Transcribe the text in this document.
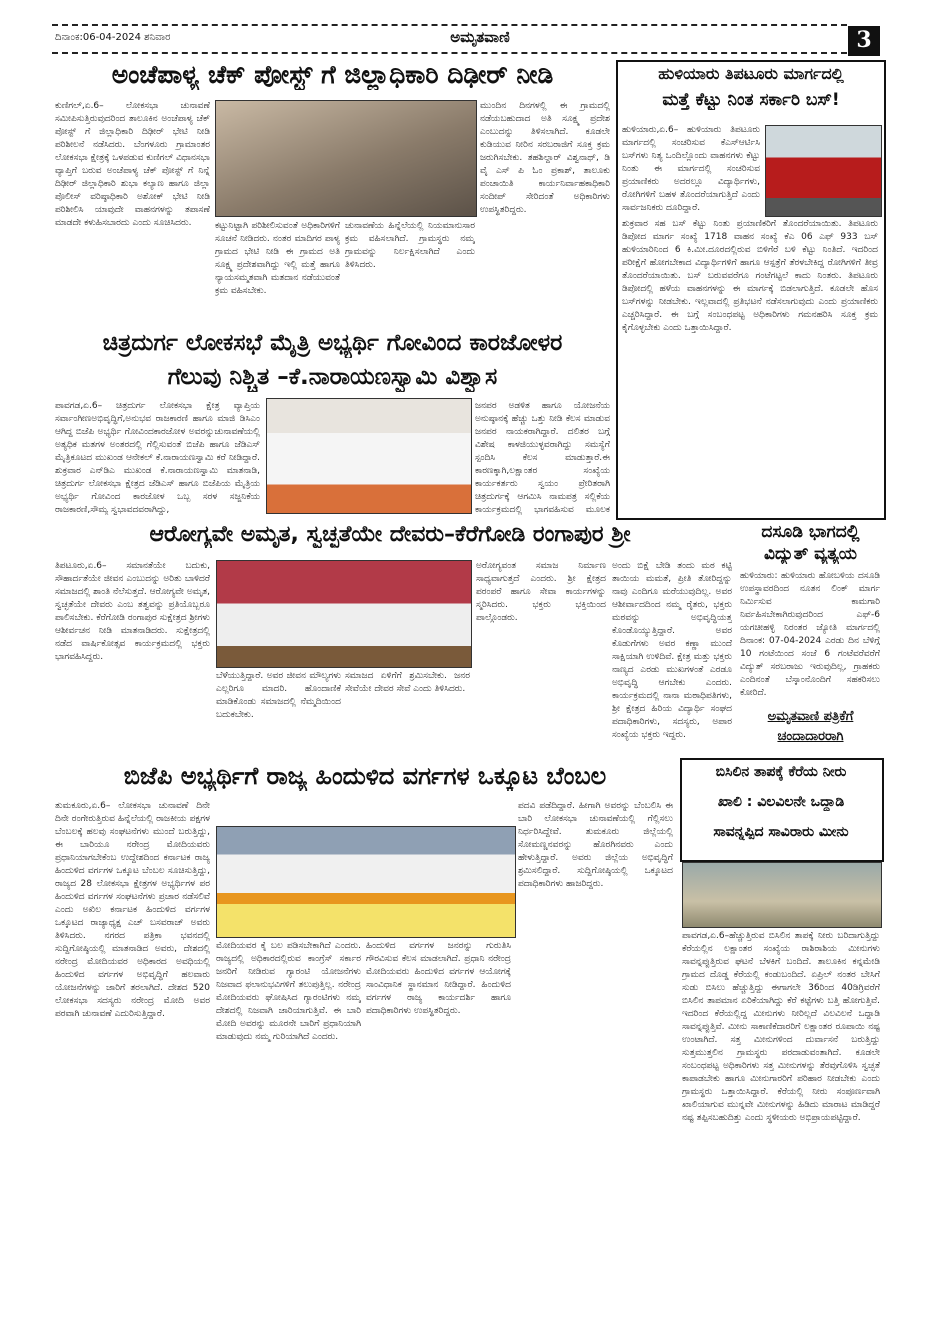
ದಿನಾಂಕ:06-04-2024 ಶನಿವಾರ	ಅಮೃತವಾಣಿ	3
ಅಂಚೆಪಾಳ್ಯ ಚೆಕ್ ಪೋಸ್ಟ್ ಗೆ ಜಿಲ್ಲಾಧಿಕಾರಿ ದಿಢೀರ್ ನೀಡಿ
ಕುಣಿಗಲ್,ಏ.6– ಲೋಕಸಭಾ ಚುನಾವಣೆ ಸಮೀಪಿಸುತ್ತಿರುವುದರಿಂದ ತಾಲೂಕಿನ ಅಂಚೆಪಾಳ್ಯ ಚೆಕ್ ಪೋಸ್ಟ್ ಗೆ ಜಿಲ್ಲಾಧಿಕಾರಿ ದಿಢೀರ್ ಭೇಟಿ ನೀಡಿ ಪರಿಶೀಲನೆ ನಡೆಸಿದರು. ಬೆಂಗಳೂರು ಗ್ರಾಮಾಂತರ ಲೋಕಸಭಾ ಕ್ಷೇತ್ರಕ್ಕೆ ಒಳಪಡುವ ಕುಣಿಗಲ್ ವಿಧಾನಸಭಾ ವ್ಯಾಪ್ತಿಗೆ ಬರುವ ಅಂಚೆಪಾಳ್ಯ ಚೆಕ್ ಪೋಸ್ಟ್ ಗೆ ನಿನ್ನೆ ದಿಢೀರ್ ಜಿಲ್ಲಾಧಿಕಾರಿ ಶುಭಾ ಕಲ್ಯಾಣ ಹಾಗೂ ಜಿಲ್ಲಾ ಪೊಲೀಸ್ ವರಿಷ್ಠಾಧಿಕಾರಿ ಅಶೋಕ್ ಭೇಟಿ ನೀಡಿ ಪರಿಶೀಲಿಸಿ ಯಾವುದೇ ವಾಹನಗಳನ್ನು ತಪಾಸಣೆ ಮಾಡದೇ ಕಳುಹಿಸಬಾರದು ಎಂದು ಸೂಚಿಸಿದರು.	ಕಟ್ಟುನಿಟ್ಟಾಗಿ ಪರಿಶೀಲಿಸುವಂತೆ ಅಧಿಕಾರಿಗಳಿಗೆ ಸೂಚನೆ ನೀಡಿದರು. ನಂತರ ಮಾದಿಗರ ಪಾಳ್ಯ ಗ್ರಾಮದ ಭೇಟಿ ನೀಡಿ ಈ ಗ್ರಾಮದ ಅತಿ ಸೂಕ್ಷ್ಮ ಪ್ರದೇಶವಾಗಿದ್ದು ಇಲ್ಲಿ ಮತ್ತೆ ಹಾಗೂ ನ್ಯಾಯಸಮ್ಮತವಾಗಿ ಮತದಾನ ನಡೆಯುವಂತೆ ಕ್ರಮ ವಹಿಸಬೇಕು.
ಚುನಾವಣೆಯ ಹಿನ್ನೆಲೆಯಲ್ಲಿ ನಿಯಮಾನುಸಾರ ಕ್ರಮ ವಹಿಸಲಾಗಿದೆ. ಗ್ರಾಮಸ್ಥರು ನಮ್ಮ ಗ್ರಾಮವನ್ನು ನಿರ್ಲಕ್ಷಿಸಲಾಗಿದೆ ಎಂದು ತಿಳಿಸಿದರು.
ಮುಂದಿನ ದಿನಗಳಲ್ಲಿ ಈ ಗ್ರಾಮದಲ್ಲಿ ನಡೆಯಬಹುದಾದ ಅತಿ ಸೂಕ್ಷ್ಮ ಪ್ರದೇಶ ಎಂಬುದನ್ನು ತಿಳಿಸಲಾಗಿದೆ. ಕೂಡಲೇ ಕುಡಿಯುವ ನೀರಿನ ಸರಬರಾಜಿಗೆ ಸೂಕ್ತ ಕ್ರಮ ಜರುಗಿಸಬೇಕು. ತಹಶಿಲ್ದಾರ್ ವಿಶ್ವನಾಥ್, ಡಿ ವೈ ಎಸ್ ಪಿ ಓಂ ಪ್ರಕಾಶ್, ತಾಲೂಕು ಪಂಚಾಯಿತಿ ಕಾರ್ಯನಿರ್ವಾಹಕಾಧಿಕಾರಿ ಸಂದೀಪ್ ಸೇರಿದಂತೆ ಅಧಿಕಾರಿಗಳು ಉಪಸ್ಥಿತರಿದ್ದರು.
ಹುಳಿಯಾರು ತಿಪಟೂರು ಮಾರ್ಗದಲ್ಲಿ
ಮತ್ತೆ ಕೆಟ್ಟು ನಿಂತ ಸರ್ಕಾರಿ ಬಸ್!
ಹುಳಿಯಾರು,ಏ.6– ಹುಳಿಯಾರು ತಿಪಟೂರು ಮಾರ್ಗದಲ್ಲಿ ಸಂಚರಿಸುವ ಕೆಎಸ್ಆರ್ಟಿಸಿ ಬಸ್‌ಗಳು ನಿತ್ಯ ಒಂದಿಲ್ಲೊಂದು ವಾಹನಗಳು ಕೆಟ್ಟು ನಿಂತು ಈ ಮಾರ್ಗದಲ್ಲಿ ಸಂಚರಿಸುವ ಪ್ರಯಾಣಿಕರು ಅದರಲ್ಲೂ ವಿದ್ಯಾರ್ಥಿಗಳು, ರೋಗಿಗಳಿಗೆ ಬಹಳ ತೊಂದರೆಯಾಗುತ್ತಿದೆ ಎಂದು ಸಾರ್ವಜನಿಕರು ದೂರಿದ್ದಾರೆ.
ಶುಕ್ರವಾರ ಸಹ ಬಸ್ ಕೆಟ್ಟು ನಿಂತು ಪ್ರಯಾಣಿಕರಿಗೆ ತೊಂದರೆಯಾಯಿತು. ತಿಪಟೂರು ಡಿಪೋದ ಮಾರ್ಗ ಸಂಖ್ಯೆ 1718 ವಾಹನ ಸಂಖ್ಯೆ ಕೆಎ 06 ಎಫ್ 933 ಬಸ್ ಹುಳಿಯಾರಿನಿಂದ 6 ಕಿ.ಮೀ.ದೂರದಲ್ಲಿರುವ ಬಿಳಿಗೆರೆ ಬಳಿ ಕೆಟ್ಟು ನಿಂತಿದೆ. ಇದರಿಂದ ಪರೀಕ್ಷೆಗೆ ಹೋಗಬೇಕಾದ ವಿದ್ಯಾರ್ಥಿಗಳಿಗೆ ಹಾಗೂ ಆಸ್ಪತ್ರೆಗೆ ತೆರಳಬೇಕಿದ್ದ ರೋಗಿಗಳಿಗೆ ತೀವ್ರ ತೊಂದರೆಯಾಯಿತು. ಬಸ್ ಬರುವವರೆಗೂ ಗಂಟೆಗಟ್ಟಲೆ ಕಾದು ನಿಂತರು. ತಿಪಟೂರು ಡಿಪೋದಲ್ಲಿ ಹಳೆಯ ವಾಹನಗಳನ್ನು ಈ ಮಾರ್ಗಕ್ಕೆ ಬಿಡಲಾಗುತ್ತಿದೆ. ಕೂಡಲೇ ಹೊಸ ಬಸ್‌ಗಳನ್ನು ನೀಡಬೇಕು. ಇಲ್ಲವಾದಲ್ಲಿ ಪ್ರತಿಭಟನೆ ನಡೆಸಲಾಗುವುದು ಎಂದು ಪ್ರಯಾಣಿಕರು ಎಚ್ಚರಿಸಿದ್ದಾರೆ. ಈ ಬಗ್ಗೆ ಸಂಬಂಧಪಟ್ಟ ಅಧಿಕಾರಿಗಳು ಗಮನಹರಿಸಿ ಸೂಕ್ತ ಕ್ರಮ ಕೈಗೊಳ್ಳಬೇಕು ಎಂದು ಒತ್ತಾಯಿಸಿದ್ದಾರೆ.
ಚಿತ್ರದುರ್ಗ ಲೋಕಸಭೆ ಮೈತ್ರಿ ಅಭ್ಯರ್ಥಿ ಗೋವಿಂದ ಕಾರಜೋಳರ
ಗೆಲುವು ನಿಶ್ಚಿತ –ಕೆ.ನಾರಾಯಣಸ್ವಾಮಿ ವಿಶ್ವಾಸ
ಪಾವಗಡ,ಏ.6– ಚಿತ್ರದುರ್ಗ ಲೋಕಸಭಾ ಕ್ಷೇತ್ರ ವ್ಯಾಪ್ತಿಯ ಸರ್ವಾಂಗೀಣಅಭಿವೃದ್ಧಿಗೆ,ಅನುಭವ ರಾಜಕಾರಣಿ ಹಾಗೂ ಮಾಜಿ ಡಿಸಿಎಂ ಆಗಿದ್ದ ಬಿಜೆಪಿ ಅಭ್ಯರ್ಥಿ ಗೋವಿಂದಕಾರಜೋಳ ಅವರನ್ನುಚುನಾವಣೆಯಲ್ಲಿ ಅತ್ಯಧಿಕ ಮತಗಳ ಅಂತರದಲ್ಲಿ ಗೆಲ್ಲಿಸುವಂತೆ ಬಿಜೆಪಿ ಹಾಗೂ ಜೆಡಿಎಸ್ ಮೈತ್ರಿಕೂಟದ ಮುಖಂಡ ಆನೇಕಲ್ ಕೆ.ನಾರಾಯಣಸ್ವಾಮಿ ಕರೆ ನೀಡಿದ್ದಾರೆ. ಶುಕ್ರವಾರ ಎನ್‌ಡಿಎ ಮುಖಂಡ ಕೆ.ನಾರಾಯಣಸ್ವಾಮಿ ಮಾತನಾಡಿ, ಚಿತ್ರದುರ್ಗ ಲೋಕಸಭಾ ಕ್ಷೇತ್ರದ ಜೆಡಿಎಸ್ ಹಾಗೂ ಬಿಜೆಪಿಯ ಮೈತ್ರಿಯ ಅಭ್ಯರ್ಥಿ ಗೋವಿಂದ ಕಾರಜೋಳ ಒಬ್ಬ ಸರಳ ಸಜ್ಜನಿಕೆಯ ರಾಜಕಾರಣಿ,ಸೌಮ್ಯ ಸ್ವಭಾವದವರಾಗಿದ್ದು,
ಜನಪರ ಅಡಳಿತ ಹಾಗೂ ಯೋಜನೆಯ ಅನುಷ್ಠಾನಕ್ಕೆ ಹೆಚ್ಚು ಒತ್ತು ನೀಡಿ ಕೆಲಸ ಮಾಡುವ ಜನಪರ ನಾಯಕರಾಗಿದ್ದಾರೆ. ದಲಿತರ ಬಗ್ಗೆ ವಿಶೇಷ ಕಾಳಜಿಯುಳ್ಳವರಾಗಿದ್ದು ಸಮಸ್ಯೆಗೆ ಸ್ಪಂದಿಸಿ ಕೆಲಸ ಮಾಡುತ್ತಾರೆ.ಈ ಕಾರಣಕ್ಕಾಗಿ,ಲಕ್ಷಾಂತರ ಸಂಖ್ಯೆಯ ಕಾರ್ಯಕರ್ತರು ಸ್ವಯಂ ಪ್ರೇರಿತರಾಗಿ ಚಿತ್ರದುರ್ಗಕ್ಕೆ ಆಗಮಿಸಿ ನಾಮಪತ್ರ ಸಲ್ಲಿಕೆಯ ಕಾರ್ಯಕ್ರಮದಲ್ಲಿ ಭಾಗವಹಿಸುವ ಮೂಲಕ
ಆರೋಗ್ಯವೇ ಅಮೃತ, ಸ್ವಚ್ಛತೆಯೇ ದೇವರು–ಕೆರೆಗೋಡಿ ರಂಗಾಪುರ ಶ್ರೀ
ತಿಪಟೂರು,ಏ.6– ಸಮಾನತೆಯೇ ಬದುಕು, ಸೌಹಾರ್ದತೆಯೇ ಜೀವನ ಎಂಬುದನ್ನು ಅರಿತು ಬಾಳಿದರೆ ಸಮಾಜದಲ್ಲಿ ಶಾಂತಿ ನೆಲೆಸುತ್ತದೆ. ಆರೋಗ್ಯವೇ ಅಮೃತ, ಸ್ವಚ್ಛತೆಯೇ ದೇವರು ಎಂಬ ತತ್ವವನ್ನು ಪ್ರತಿಯೊಬ್ಬರೂ ಪಾಲಿಸಬೇಕು. ಕೆರೆಗೋಡಿ ರಂಗಾಪುರ ಸುಕ್ಷೇತ್ರದ ಶ್ರೀಗಳು ಆಶೀರ್ವಚನ ನೀಡಿ ಮಾತನಾಡಿದರು. ಸುಕ್ಷೇತ್ರದಲ್ಲಿ ನಡೆದ ವಾರ್ಷಿಕೋತ್ಸವ ಕಾರ್ಯಕ್ರಮದಲ್ಲಿ ಭಕ್ತರು ಭಾಗವಹಿಸಿದ್ದರು.
ಬೆಳೆಯುತ್ತಿದ್ದಾರೆ. ಅವರ ಜೀವನ ಮೌಲ್ಯಗಳು ಎಲ್ಲರಿಗೂ ಮಾದರಿ. ಹೊಂದಾಣಿಕೆ ಮಾಡಿಕೊಂಡು ಸಮಾಜದಲ್ಲಿ ನೆಮ್ಮದಿಯಿಂದ ಬದುಕಬೇಕು.
ಸಮಾಜದ ಏಳಿಗೆಗೆ ಶ್ರಮಿಸಬೇಕು. ಜನರ ಸೇವೆಯೇ ದೇವರ ಸೇವೆ ಎಂದು ತಿಳಿಸಿದರು.
ಅರೋಗ್ಯವಂತ ಸಮಾಜ ನಿರ್ಮಾಣ ಸಾಧ್ಯವಾಗುತ್ತದೆ ಎಂದರು. ಶ್ರೀ ಕ್ಷೇತ್ರದ ಪರಂಪರೆ ಹಾಗೂ ಸೇವಾ ಕಾರ್ಯಗಳನ್ನು ಸ್ಮರಿಸಿದರು. ಭಕ್ತರು ಭಕ್ತಿಯಿಂದ ಪಾಲ್ಗೊಂಡರು.
ಅಂದು ಬಿಕ್ಷೆ ಬೇಡಿ ತಂದು ಮಠ ಕಟ್ಟಿ ತಾಯಿಯ ಮಮತೆ, ಪ್ರೀತಿ ತೋರಿದ್ದನ್ನು ನಾವು ಎಂದಿಗೂ ಮರೆಯುವುದಿಲ್ಲ. ಅವರ ಆಶೀರ್ವಾದದಿಂದ ನಮ್ಮ ರೈತರು, ಭಕ್ತರು ಮಠವನ್ನು ಅಭಿವೃದ್ಧಿಯತ್ತ ಕೊಂಡೊಯ್ಯುತ್ತಿದ್ದಾರೆ. ಅವರ ಕೊಡುಗೆಗಳು ಅವರ ಕಣ್ಣಾ ಮುಂದೆ ಸಾಕ್ಷಿಯಾಗಿ ಉಳಿದಿವೆ. ಕ್ಷೇತ್ರ ಮತ್ತು ಭಕ್ತರು ನಾಣ್ಯದ ಎರಡು ಮುಖಗಳಂತೆ ಎರಡೂ ಅಭಿವೃದ್ಧಿ ಆಗಬೇಕು ಎಂದರು. ಕಾರ್ಯಕ್ರಮದಲ್ಲಿ ನಾನಾ ಮಠಾಧಿಪತಿಗಳು, ಶ್ರೀ ಕ್ಷೇತ್ರದ ಹಿರಿಯ ವಿದ್ಯಾರ್ಥಿ ಸಂಘದ ಪದಾಧಿಕಾರಿಗಳು, ಸದಸ್ಯರು, ಅಪಾರ ಸಂಖ್ಯೆಯ ಭಕ್ತರು ಇದ್ದರು.
ದಸೂಡಿ ಭಾಗದಲ್ಲಿ
ವಿದ್ಯುತ್ ವ್ಯತ್ಯಯ
ಹುಳಿಯಾರು: ಹುಳಿಯಾರು ಹೋಬಳಿಯ ದಸೂಡಿ ಉಪಸ್ಥಾವರದಿಂದ ನೂತನ ಲಿಂಕ್ ಮಾರ್ಗ ನಿರ್ಮಿಸುವ ಕಾಮಗಾರಿ ನಿರ್ವಹಿಸಬೇಕಾಗಿರುವುದರಿಂದ ಎಫ್-6 ಯಗಚೀಹಳ್ಳಿ ನಿರಂತರ ಜ್ಯೋತಿ ಮಾರ್ಗದಲ್ಲಿ ದಿನಾಂಕ: 07-04-2024 ಎರಡು ದಿನ ಬೆಳಿಗ್ಗೆ 10 ಗಂಟೆಯಿಂದ ಸಂಜೆ 6 ಗಂಟೆವರೆವರೆಗೆ ವಿದ್ಯುತ್ ಸರಬರಾಜು ಇರುವುದಿಲ್ಲ, ಗ್ರಾಹಕರು ಎಂದಿನಂತೆ ಬೆಸ್ಕಾಂನೊಂದಿಗೆ ಸಹಕರಿಸಲು ಕೋರಿದೆ.
ಅಮೃತವಾಣಿ ಪತ್ರಿಕೆಗೆ
ಚಂದಾದಾರರಾಗಿ
ಬಿಜೆಪಿ ಅಭ್ಯರ್ಥಿಗೆ ರಾಜ್ಯ ಹಿಂದುಳಿದ ವರ್ಗಗಳ ಒಕ್ಕೂಟ ಬೆಂಬಲ
ತುಮಕೂರು,ಏ.6– ಲೋಕಸಭಾ ಚುನಾವಣೆ ದಿನೇ ದಿನೇ ರಂಗೇರುತ್ತಿರುವ ಹಿನ್ನೆಲೆಯಲ್ಲಿ ರಾಜಕೀಯ ಪಕ್ಷಗಳ ಬೆಂಬಲಕ್ಕೆ ಹಲವು ಸಂಘಟನೆಗಳು ಮುಂದೆ ಬರುತ್ತಿದ್ದು, ಈ ಬಾರಿಯೂ ನರೇಂದ್ರ ಮೋದಿಯವರು ಪ್ರಧಾನಿಯಾಗಬೇಕೆಂಬ ಉದ್ದೇಶದಿಂದ ಕರ್ನಾಟಕ ರಾಜ್ಯ ಹಿಂದುಳಿದ ವರ್ಗಗಳ ಒಕ್ಕೂಟ ಬೆಂಬಲ ಸೂಚಿಸುತ್ತಿದ್ದು, ರಾಜ್ಯದ 28 ಲೋಕಸಭಾ ಕ್ಷೇತ್ರಗಳ ಅಭ್ಯರ್ಥಿಗಳ ಪರ ಹಿಂದುಳಿದ ವರ್ಗಗಳ ಸಂಘಟನೆಗಳು ಪ್ರಚಾರ ನಡೆಸಲಿವೆ ಎಂದು ಅಖಿಲ ಕರ್ನಾಟಕ ಹಿಂದುಳಿದ ವರ್ಗಗಳ ಒಕ್ಕೂಟದ ರಾಜ್ಯಾಧ್ಯಕ್ಷ ಎಚ್ ಬಸವರಾಜ್ ಅವರು ತಿಳಿಸಿದರು. ನಗರದ ಪತ್ರಿಕಾ ಭವನದಲ್ಲಿ ಸುದ್ದಿಗೋಷ್ಠಿಯಲ್ಲಿ ಮಾತನಾಡಿದ ಅವರು, ದೇಶದಲ್ಲಿ ನರೇಂದ್ರ ಮೋದಿಯವರ ಅಧಿಕಾರದ ಅವಧಿಯಲ್ಲಿ ಹಿಂದುಳಿದ ವರ್ಗಗಳ ಅಭಿವೃದ್ಧಿಗೆ ಹಲವಾರು ಯೋಜನೆಗಳನ್ನು ಜಾರಿಗೆ ತರಲಾಗಿದೆ. ದೇಶದ 520 ಲೋಕಸಭಾ ಸದಸ್ಯರು ನರೇಂದ್ರ ಮೋದಿ ಅವರ ಪರವಾಗಿ ಚುನಾವಣೆ ಎದುರಿಸುತ್ತಿದ್ದಾರೆ.
ಮೋದಿಯವರ ಕೈ ಬಲ ಪಡಿಸಬೇಕಾಗಿದೆ ಎಂದರು. ರಾಜ್ಯದಲ್ಲಿ ಅಧಿಕಾರದಲ್ಲಿರುವ ಕಾಂಗ್ರೆಸ್ ಸರ್ಕಾರ ಜನರಿಗೆ ನೀಡಿರುವ ಗ್ಯಾರಂಟಿ ಯೋಜನೆಗಳು ನಿಜವಾದ ಫಲಾನುಭವಿಗಳಿಗೆ ತಲುಪುತ್ತಿಲ್ಲ. ನರೇಂದ್ರ ಮೋದಿಯವರು ಘೋಷಿಸಿದ ಗ್ಯಾರಂಟಿಗಳು ನಮ್ಮ ದೇಶದಲ್ಲಿ ನಿಜವಾಗಿ ಜಾರಿಯಾಗುತ್ತಿವೆ. ಈ ಬಾರಿ ಮೋದಿ ಅವರನ್ನು ಮೂರನೇ ಬಾರಿಗೆ ಪ್ರಧಾನಿಯಾಗಿ ಮಾಡುವುದು ನಮ್ಮ ಗುರಿಯಾಗಿದೆ ಎಂದರು.
ಹಿಂದುಳಿದ ವರ್ಗಗಳ ಜನರನ್ನು ಗುರುತಿಸಿ ಗೌರವಿಸುವ ಕೆಲಸ ಮಾಡಲಾಗಿದೆ. ಪ್ರಧಾನಿ ನರೇಂದ್ರ ಮೋದಿಯವರು ಹಿಂದುಳಿದ ವರ್ಗಗಳ ಆಯೋಗಕ್ಕೆ ಸಾಂವಿಧಾನಿಕ ಸ್ಥಾನಮಾನ ನೀಡಿದ್ದಾರೆ. ಹಿಂದುಳಿದ ವರ್ಗಗಳ ರಾಜ್ಯ ಕಾರ್ಯದರ್ಶಿ ಹಾಗೂ ಪದಾಧಿಕಾರಿಗಳು ಉಪಸ್ಥಿತರಿದ್ದರು.
ಪದವಿ ಪಡೆದಿದ್ದಾರೆ. ಹೀಗಾಗಿ ಅವರನ್ನು ಬೆಂಬಲಿಸಿ ಈ ಬಾರಿ ಲೋಕಸಭಾ ಚುನಾವಣೆಯಲ್ಲಿ ಗೆಲ್ಲಿಸಲು ನಿರ್ಧರಿಸಿದ್ದೇವೆ. ತುಮಕೂರು ಜಿಲ್ಲೆಯಲ್ಲಿ ಸೋಮಣ್ಣನವರನ್ನು ಹೊರಗಿನವರು ಎಂದು ಹೇಳುತ್ತಿದ್ದಾರೆ. ಅವರು ಜಿಲ್ಲೆಯ ಅಭಿವೃದ್ಧಿಗೆ ಶ್ರಮಿಸಲಿದ್ದಾರೆ. ಸುದ್ದಿಗೋಷ್ಠಿಯಲ್ಲಿ ಒಕ್ಕೂಟದ ಪದಾಧಿಕಾರಿಗಳು ಹಾಜರಿದ್ದರು.
ಬಿಸಿಲಿನ ತಾಪಕ್ಕೆ ಕೆರೆಯ ನೀರು
ಖಾಲಿ : ವಿಲವಿಲನೇ ಒದ್ದಾಡಿ
ಸಾವನ್ನಪ್ಪಿದ ಸಾವಿರಾರು ಮೀನು
ಪಾವಗಡ,ಏ.6–ಹೆಚ್ಚುತ್ತಿರುವ ಬಿಸಿಲಿನ ತಾಪಕ್ಕೆ ನೀರು ಬರಿದಾಗುತ್ತಿದ್ದು ಕೆರೆಯಲ್ಲಿನ ಲಕ್ಷಾಂತರ ಸಂಖ್ಯೆಯ ರಾಶಿರಾಶಿಯ ಮೀನುಗಳು ಸಾವನ್ನಪ್ಪುತ್ತಿರುವ ಘಟನೆ ಬೆಳಕಿಗೆ ಬಂದಿದೆ. ತಾಲೂಕಿನ ಕನ್ನಮೇಡಿ ಗ್ರಾಮದ ದೊಡ್ಡ ಕೆರೆಯಲ್ಲಿ ಕಂಡುಬಂದಿದೆ. ಏಪ್ರಿಲ್ ನಂತರ ಬೇಸಿಗೆ ಸುಡು ಬಿಸಿಲು ಹೆಚ್ಚುತ್ತಿದ್ದು ಈಗಾಗಲೇ 36ರಿಂದ 40ಡಿಗ್ರಿವರೆಗೆ ಬಿಸಿಲಿನ ತಾಪಮಾನ ಏರಿಕೆಯಾಗಿದ್ದು ಕೆರೆ ಕಟ್ಟೆಗಳು ಬತ್ತಿ ಹೋಗುತ್ತಿವೆ. ಇದರಿಂದ ಕೆರೆಯಲ್ಲಿದ್ದ ಮೀನುಗಳು ನೀರಿಲ್ಲದೆ ವಿಲವಿಲನೆ ಒದ್ದಾಡಿ ಸಾವನ್ನಪ್ಪುತ್ತಿವೆ. ಮೀನು ಸಾಕಾಣಿಕೆದಾರರಿಗೆ ಲಕ್ಷಾಂತರ ರೂಪಾಯಿ ನಷ್ಟ ಉಂಟಾಗಿದೆ. ಸತ್ತ ಮೀನುಗಳಿಂದ ದುರ್ವಾಸನೆ ಬರುತ್ತಿದ್ದು ಸುತ್ತಮುತ್ತಲಿನ ಗ್ರಾಮಸ್ಥರು ಪರದಾಡುವಂತಾಗಿದೆ. ಕೂಡಲೇ ಸಂಬಂಧಪಟ್ಟ ಅಧಿಕಾರಿಗಳು ಸತ್ತ ಮೀನುಗಳನ್ನು ತೆರವುಗೊಳಿಸಿ ಸ್ವಚ್ಛತೆ ಕಾಪಾಡಬೇಕು ಹಾಗೂ ಮೀನುಗಾರರಿಗೆ ಪರಿಹಾರ ನೀಡಬೇಕು ಎಂದು ಗ್ರಾಮಸ್ಥರು ಒತ್ತಾಯಿಸಿದ್ದಾರೆ. ಕೆರೆಯಲ್ಲಿ ನೀರು ಸಂಪೂರ್ಣವಾಗಿ ಖಾಲಿಯಾಗುವ ಮುನ್ನವೇ ಮೀನುಗಳನ್ನು ಹಿಡಿದು ಮಾರಾಟ ಮಾಡಿದ್ದರೆ ನಷ್ಟ ತಪ್ಪಿಸಬಹುದಿತ್ತು ಎಂದು ಸ್ಥಳೀಯರು ಅಭಿಪ್ರಾಯಪಟ್ಟಿದ್ದಾರೆ.
